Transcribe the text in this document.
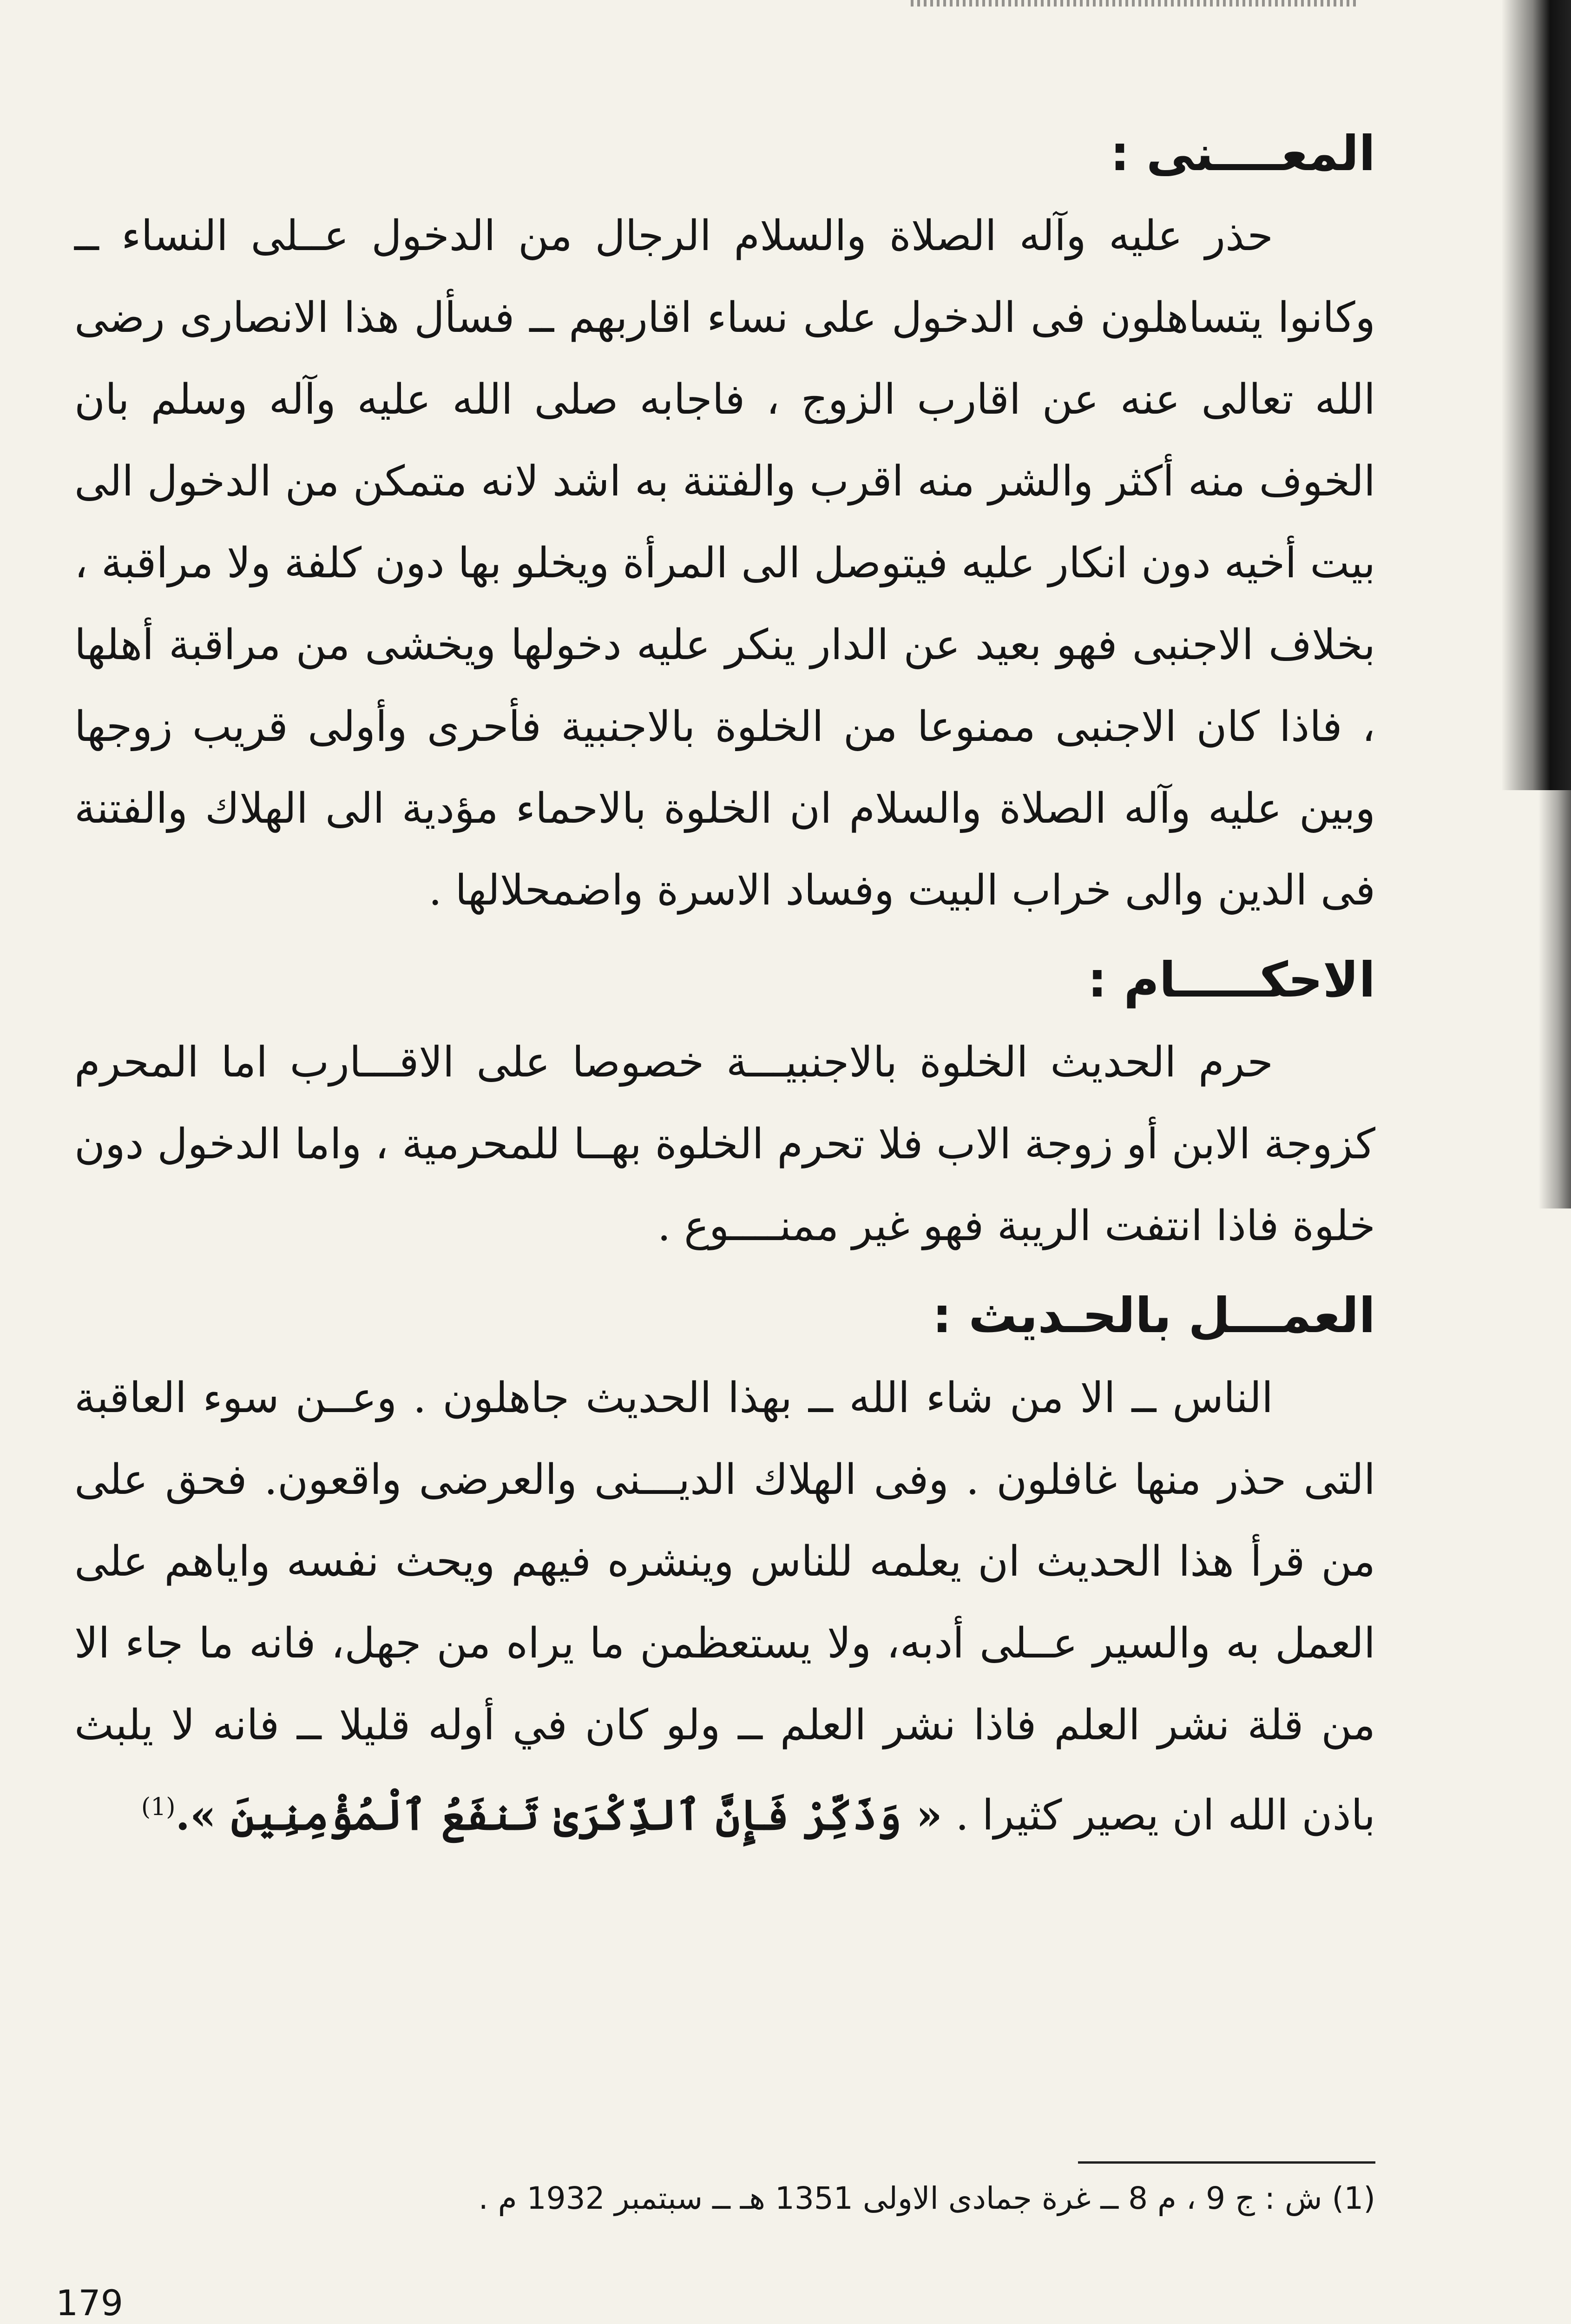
المعــــنى :

حذر عليه وآله الصلاة والسلام الرجال من الدخول عــلى النساء ــ وكانوا يتساهلون فى الدخول على نساء اقاربهم ــ فسأل هذا الانصارى رضى الله تعالى عنه عن اقارب الزوج ، فاجابه صلى الله عليه وآله وسلم بان الخوف منه أكثر والشر منه اقرب والفتنة به اشد لانه متمكن من الدخول الى بيت أخيه دون انكار عليه فيتوصل الى المرأة ويخلو بها دون كلفة ولا مراقبة ، بخلاف الاجنبى فهو بعيد عن الدار ينكر عليه دخولها ويخشى من مراقبة أهلها ، فاذا كان الاجنبى ممنوعا من الخلوة بالاجنبية فأحرى وأولى قريب زوجها وبين عليه وآله الصلاة والسلام ان الخلوة بالاحماء مؤدية الى الهلاك والفتنة فى الدين والى خراب البيت وفساد الاسرة واضمحلالها .

الاحكـــــام :

حرم الحديث الخلوة بالاجنبيـــة خصوصا على الاقـــارب اما المحرم كزوجة الابن أو زوجة الاب فلا تحرم الخلوة بهــا للمحرمية ، واما الدخول دون خلوة فاذا انتفت الريبة فهو غير ممنــــوع .

العمـــل بالحـديث :

الناس ــ الا من شاء الله ــ بهذا الحديث جاهلون . وعــن سوء العاقبة التى حذر منها غافلون . وفى الهلاك الديـــنى والعرضى واقعون. فحق على من قرأ هذا الحديث ان يعلمه للناس وينشره فيهم ويحث نفسه واياهم على العمل به والسير عــلى أدبه، ولا يستعظمن ما يراه من جهل، فانه ما جاء الا من قلة نشر العلم فاذا نشر العلم ــ ولو كان في أوله قليلا ــ فانه لا يلبث باذن الله ان يصير كثيرا . « وَذَكِّرْ فَإِنَّ ٱلذِّكْرَىٰ تَنفَعُ ٱلْمُؤْمِنِينَ ».$^{(1)}$

(1) ش : ج 9 ، م 8 ــ غرة جمادى الاولى 1351 هـ ــ سبتمبر 1932 م .
179
